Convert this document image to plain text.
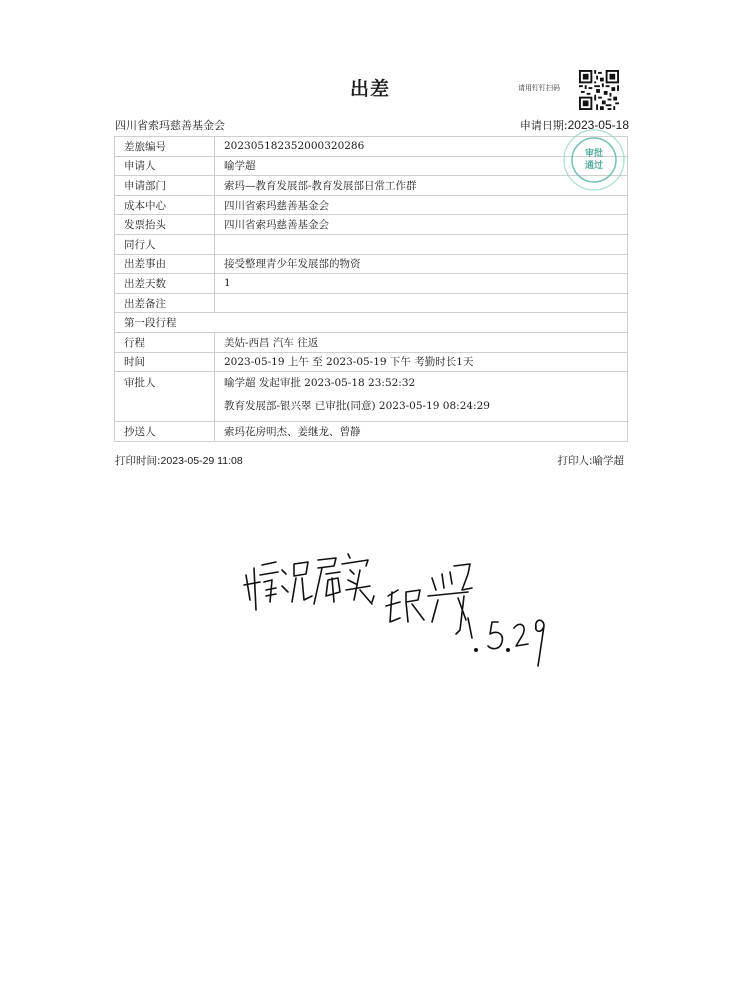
出差	请用钉钉扫码
四川省索玛慈善基金会	申请日期:2023-05-18
差旅编号	202305182352000320286
申请人	喻学超
申请部门	索玛—教育发展部-教育发展部日常工作群
成本中心	四川省索玛慈善基金会
发票抬头	四川省索玛慈善基金会
同行人	
出差事由	接受整理青少年发展部的物资
出差天数	1
出差备注	
第一段行程	
行程	美姑-西昌 汽车 往返
时间	2023-05-19 上午 至 2023-05-19 下午 考勤时长1天
审批人	喻学超 发起审批 2023-05-18 23:52:32
教育发展部-银兴翠 已审批(同意) 2023-05-19 08:24:29

抄送人	索玛花房明杰、姜继龙、曾静
审批
通过
打印时间:2023-05-29 11:08	打印人:喻学超
